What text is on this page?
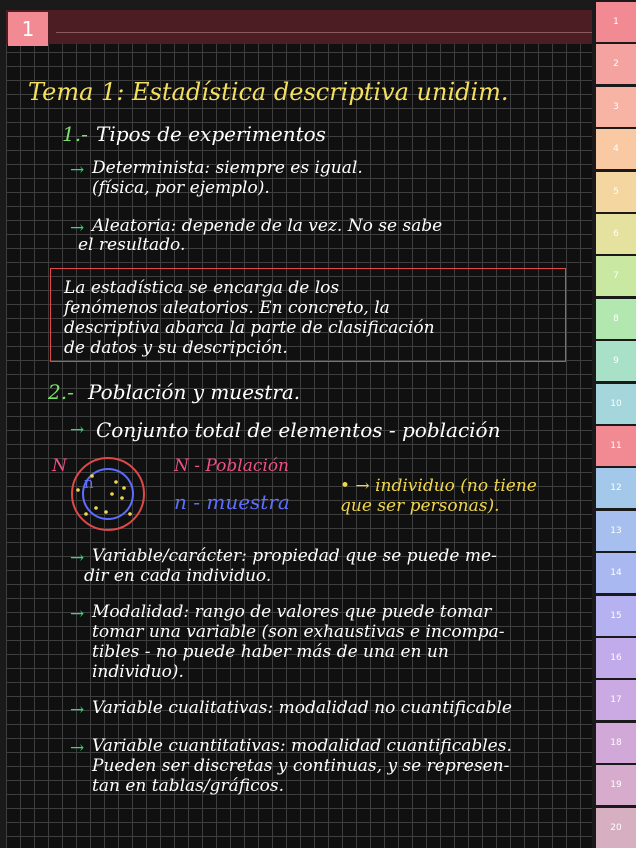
1	1
2
3
4
5
6
7
8
9
10
11
12
13
14
15
16
17
18
19
20
Tema 1: Estadística descriptiva unidim.
1.- Tipos de experimentos
→ Determinista: siempre es igual.
(física, por ejemplo).
→ Aleatoria: depende de la vez. No se sabe
el resultado.
La estadística se encarga de los
fenómenos aleatorios. En concreto, la
descriptiva abarca la parte de clasificación
de datos y su descripción.
2.- Población y muestra.
→ Conjunto total de elementos - población
N
n
N - Población
n - muestra
• → individuo (no tiene
que ser personas).
→ Variable/carácter: propiedad que se puede me-
dir en cada individuo.
→ Modalidad: rango de valores que puede tomar
tomar una variable (son exhaustivas e incompa-
tibles - no puede haber más de una en un
individuo).
→ Variable cualitativas: modalidad no cuantificable
→ Variable cuantitativas: modalidad cuantificables.
Pueden ser discretas y continuas, y se represen-
tan en tablas/gráficos.
